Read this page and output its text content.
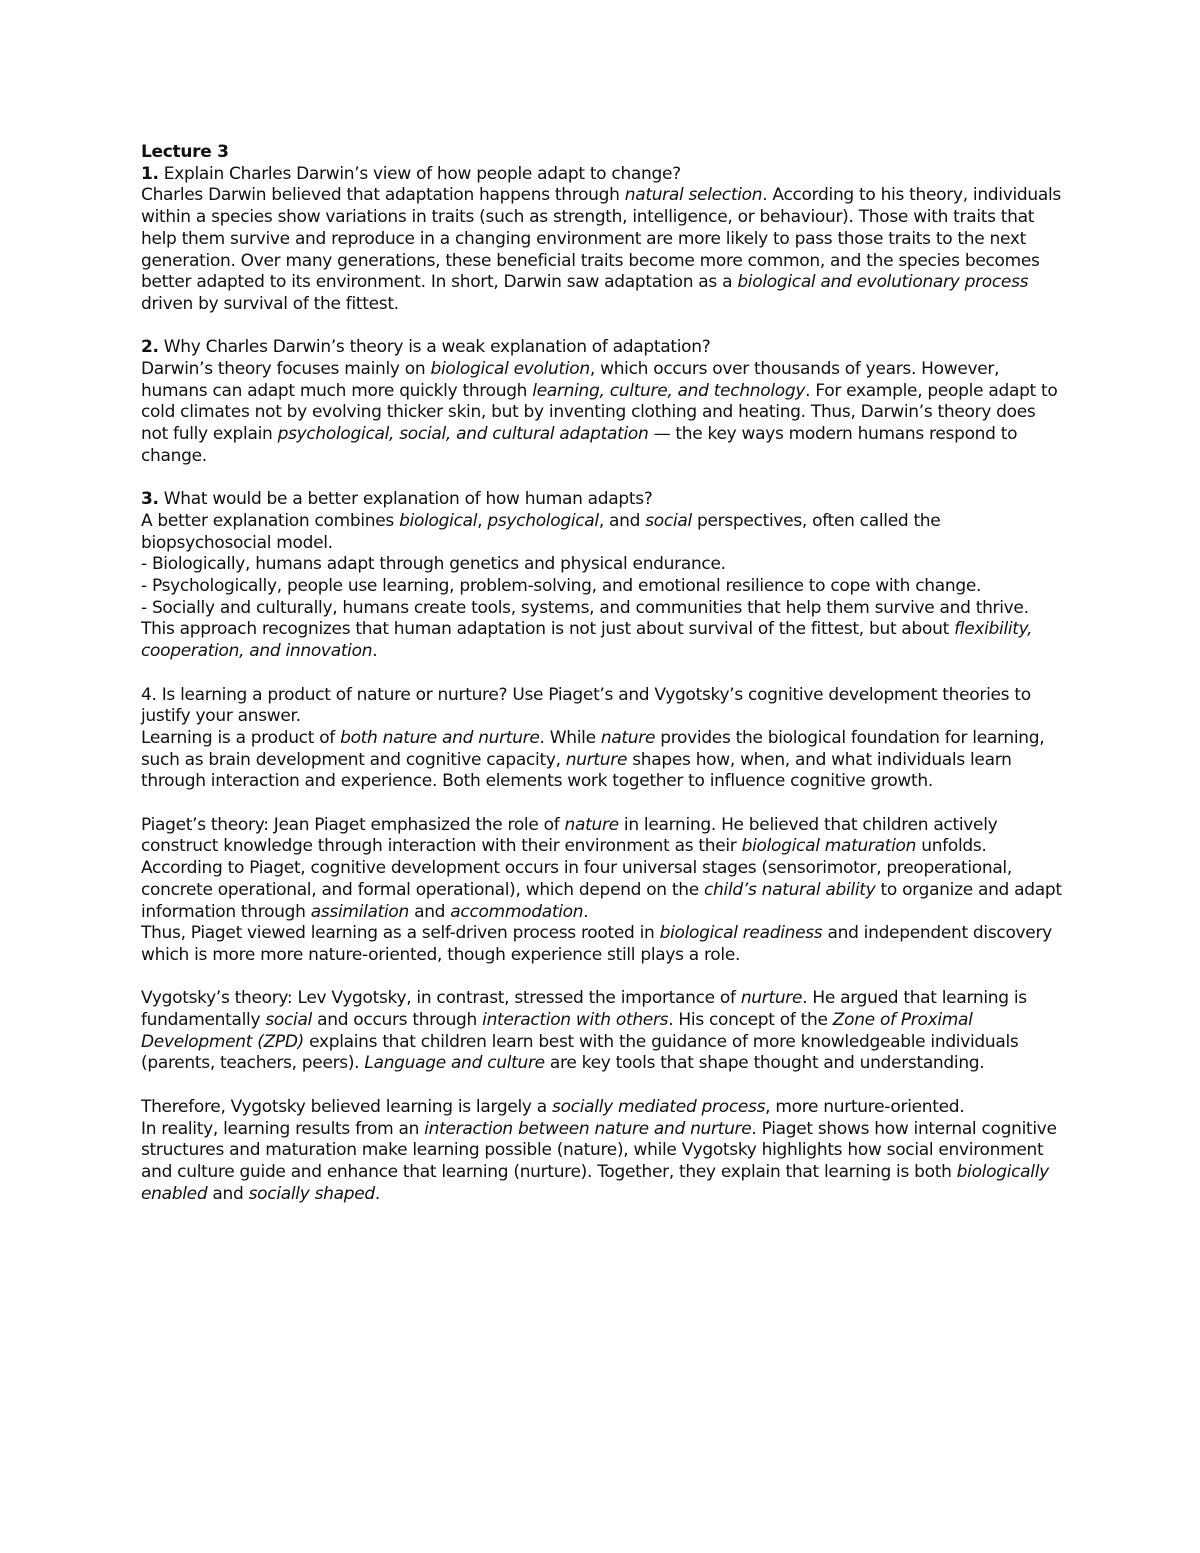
Lecture 3

1. Explain Charles Darwin’s view of how people adapt to change?

Charles Darwin believed that adaptation happens through natural selection. According to his theory, individuals within a species show variations in traits (such as strength, intelligence, or behaviour). Those with traits that help them survive and reproduce in a changing environment are more likely to pass those traits to the next generation. Over many generations, these beneficial traits become more common, and the species becomes better adapted to its environment. In short, Darwin saw adaptation as a biological and evolutionary process driven by survival of the fittest.

2. Why Charles Darwin’s theory is a weak explanation of adaptation?

Darwin’s theory focuses mainly on biological evolution, which occurs over thousands of years. However, humans can adapt much more quickly through learning, culture, and technology. For example, people adapt to cold climates not by evolving thicker skin, but by inventing clothing and heating. Thus, Darwin’s theory does not fully explain psychological, social, and cultural adaptation — the key ways modern humans respond to change.

3. What would be a better explanation of how human adapts?

A better explanation combines biological, psychological, and social perspectives, often called the biopsychosocial model.

- Biologically, humans adapt through genetics and physical endurance.

- Psychologically, people use learning, problem-solving, and emotional resilience to cope with change.

- Socially and culturally, humans create tools, systems, and communities that help them survive and thrive.

This approach recognizes that human adaptation is not just about survival of the fittest, but about flexibility, cooperation, and innovation.

4. Is learning a product of nature or nurture? Use Piaget’s and Vygotsky’s cognitive development theories to justify your answer.

Learning is a product of both nature and nurture. While nature provides the biological foundation for learning, such as brain development and cognitive capacity, nurture shapes how, when, and what individuals learn through interaction and experience. Both elements work together to influence cognitive growth.

Piaget’s theory: Jean Piaget emphasized the role of nature in learning. He believed that children actively construct knowledge through interaction with their environment as their biological maturation unfolds. According to Piaget, cognitive development occurs in four universal stages (sensorimotor, preoperational, concrete operational, and formal operational), which depend on the child’s natural ability to organize and adapt information through assimilation and accommodation.

Thus, Piaget viewed learning as a self-driven process rooted in biological readiness and independent discovery which is more more nature-oriented, though experience still plays a role.

Vygotsky’s theory: Lev Vygotsky, in contrast, stressed the importance of nurture. He argued that learning is fundamentally social and occurs through interaction with others. His concept of the Zone of Proximal Development (ZPD) explains that children learn best with the guidance of more knowledgeable individuals (parents, teachers, peers). Language and culture are key tools that shape thought and understanding.

Therefore, Vygotsky believed learning is largely a socially mediated process, more nurture-oriented.

In reality, learning results from an interaction between nature and nurture. Piaget shows how internal cognitive structures and maturation make learning possible (nature), while Vygotsky highlights how social environment and culture guide and enhance that learning (nurture). Together, they explain that learning is both biologically enabled and socially shaped.
